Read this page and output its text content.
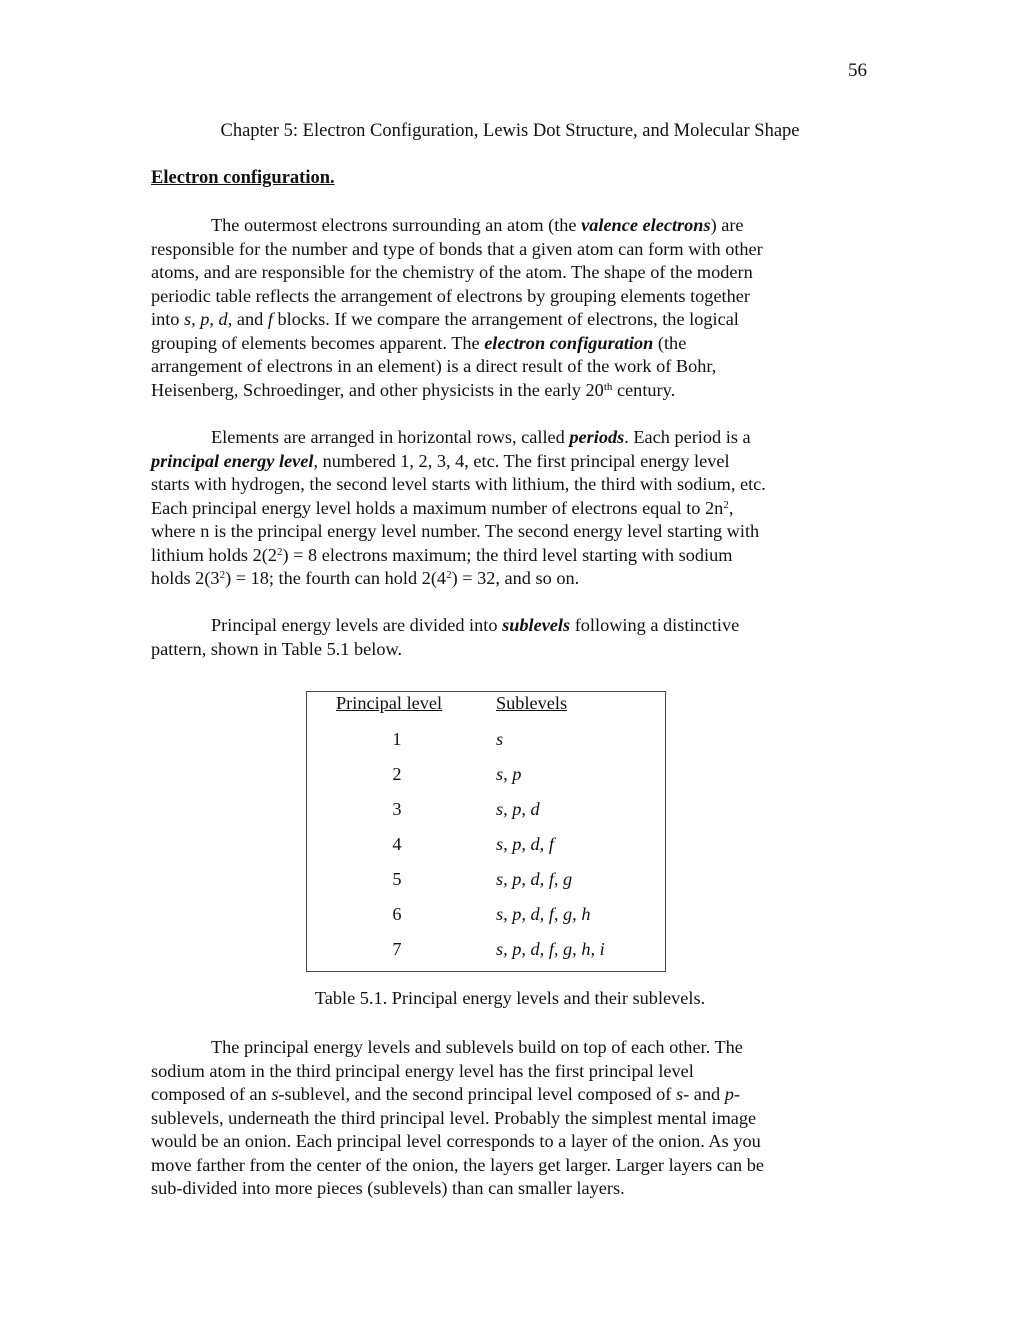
56
Chapter 5: Electron Configuration, Lewis Dot Structure, and Molecular Shape
Electron configuration.
The outermost electrons surrounding an atom (the valence electrons) are
responsible for the number and type of bonds that a given atom can form with other
atoms, and are responsible for the chemistry of the atom. The shape of the modern
periodic table reflects the arrangement of electrons by grouping elements together
into s, p, d, and f blocks. If we compare the arrangement of electrons, the logical
grouping of elements becomes apparent. The electron configuration (the
arrangement of electrons in an element) is a direct result of the work of Bohr,
Heisenberg, Schroedinger, and other physicists in the early 20th century.
Elements are arranged in horizontal rows, called periods. Each period is a
principal energy level, numbered 1, 2, 3, 4, etc. The first principal energy level
starts with hydrogen, the second level starts with lithium, the third with sodium, etc.
Each principal energy level holds a maximum number of electrons equal to $2n^2$,
where n is the principal energy level number. The second energy level starting with
lithium holds $2(2^2) = 8$ electrons maximum; the third level starting with sodium
holds $2(3^2) = 18$; the fourth can hold $2(4^2) = 32$, and so on.
Principal energy levels are divided into sublevels following a distinctive
pattern, shown in Table 5.1 below.
Principal level	Sublevels
1	s
2	s, p
3	s, p, d
4	s, p, d, f
5	s, p, d, f, g
6	s, p, d, f, g, h
7	s, p, d, f, g, h, i
Table 5.1. Principal energy levels and their sublevels.
The principal energy levels and sublevels build on top of each other. The
sodium atom in the third principal energy level has the first principal level
composed of an s-sublevel, and the second principal level composed of s- and p-
sublevels, underneath the third principal level. Probably the simplest mental image
would be an onion. Each principal level corresponds to a layer of the onion. As you
move farther from the center of the onion, the layers get larger. Larger layers can be
sub-divided into more pieces (sublevels) than can smaller layers.
